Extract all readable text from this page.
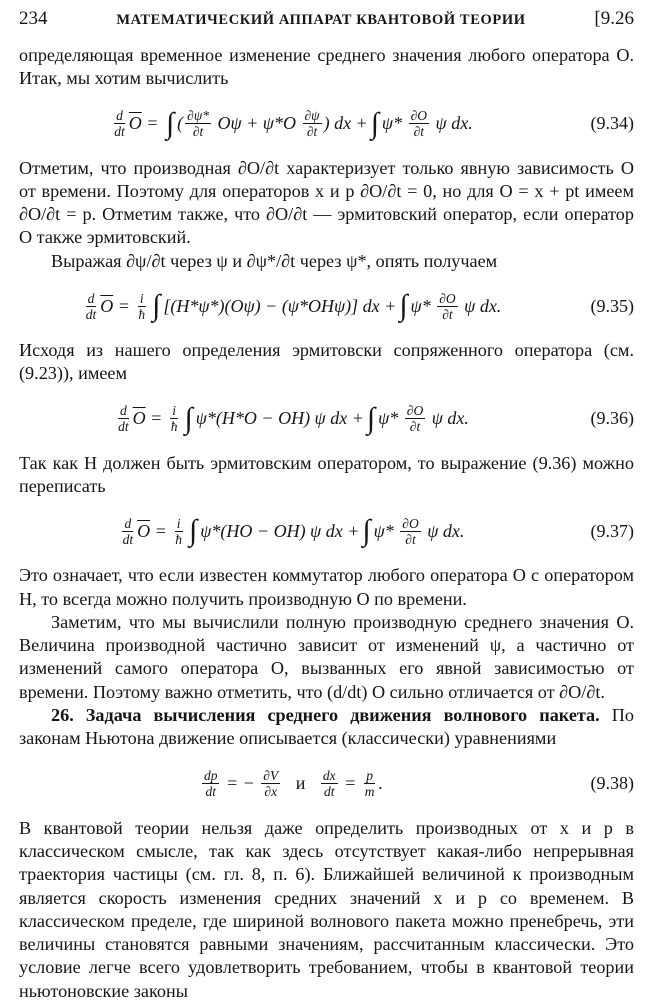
234	МАТЕМАТИЧЕСКИЙ АППАРАТ КВАНТОВОЙ ТЕОРИИ	[9.26

определяющая временное изменение среднего значения любого оператора O. Итак, мы хотим вычислить

$\frac{d}{dt} \overline{O}$ = ∫ ( $\frac{\partial\psi*}{\partial t}$
Oψ + ψ*O
$\frac{\partial\psi}{\partial t}$ ) dx + ∫ ψ*
$\frac{\partial O}{\partial t}$
ψ dx.	(9.34)

Отметим, что производная ∂O/∂t характеризует только явную зависимость O от времени. Поэтому для операторов x и p ∂O/∂t = 0, но для O = x + pt имеем ∂O/∂t = p. Отметим также, что ∂O/∂t — эрмитовский оператор, если оператор O также эрмитовский.

Выражая ∂ψ/∂t через ψ и ∂ψ*/∂t через ψ*, опять получаем

$\frac{d}{dt} \overline{O} = \frac{i}{ħ}$ ∫ [(H*ψ*)(Oψ) − (ψ*OHψ)] dx + ∫ $\psi* \frac{\partial O}{\partial t}$
ψ dx.	(9.35)

Исходя из нашего определения эрмитовски сопряженного оператора (см. (9.23)), имеем

$\frac{d}{dt} \overline{O} = \frac{i}{ħ}$ ∫ ψ*(H*O − OH) ψ dx + ∫ $\psi* \frac{\partial O}{\partial t}$
ψ dx.	(9.36)

Так как H должен быть эрмитовским оператором, то выражение (9.36) можно переписать

$\frac{d}{dt} \overline{O} = \frac{i}{ħ}$ ∫ ψ*(HO − OH) ψ dx + ∫ $\psi* \frac{\partial O}{\partial t}$
ψ dx.	(9.37)

Это означает, что если известен коммутатор любого оператора O с оператором H, то всегда можно получить производную O по времени.

Заметим, что мы вычислили полную производную среднего значения O. Величина производной частично зависит от изменений ψ, а частично от изменений самого оператора O, вызванных его явной зависимостью от времени. Поэтому важно отметить, что (d/dt) O сильно отличается от ∂O/∂t.

26. Задача вычисления среднего движения волнового пакета. По законам Ньютона движение описывается (классически) уравнениями

$\frac{dp}{dt}$ = − $\frac{\partial V}{\partial x}$
и
$\frac{dx}{dt} = \frac{p}{m}$ .	(9.38)

В квантовой теории нельзя даже определить производных от x и p в классическом смысле, так как здесь отсутствует какая-либо непрерывная траектория частицы (см. гл. 8, п. 6). Ближайшей величиной к производным является скорость изменения средних значений x и p со временем. В классическом пределе, где шириной волнового пакета можно пренебречь, эти величины становятся равными значениям, рассчитанным классически. Это условие легче всего удовлетворить требованием, чтобы в квантовой теории ньютоновские законы
